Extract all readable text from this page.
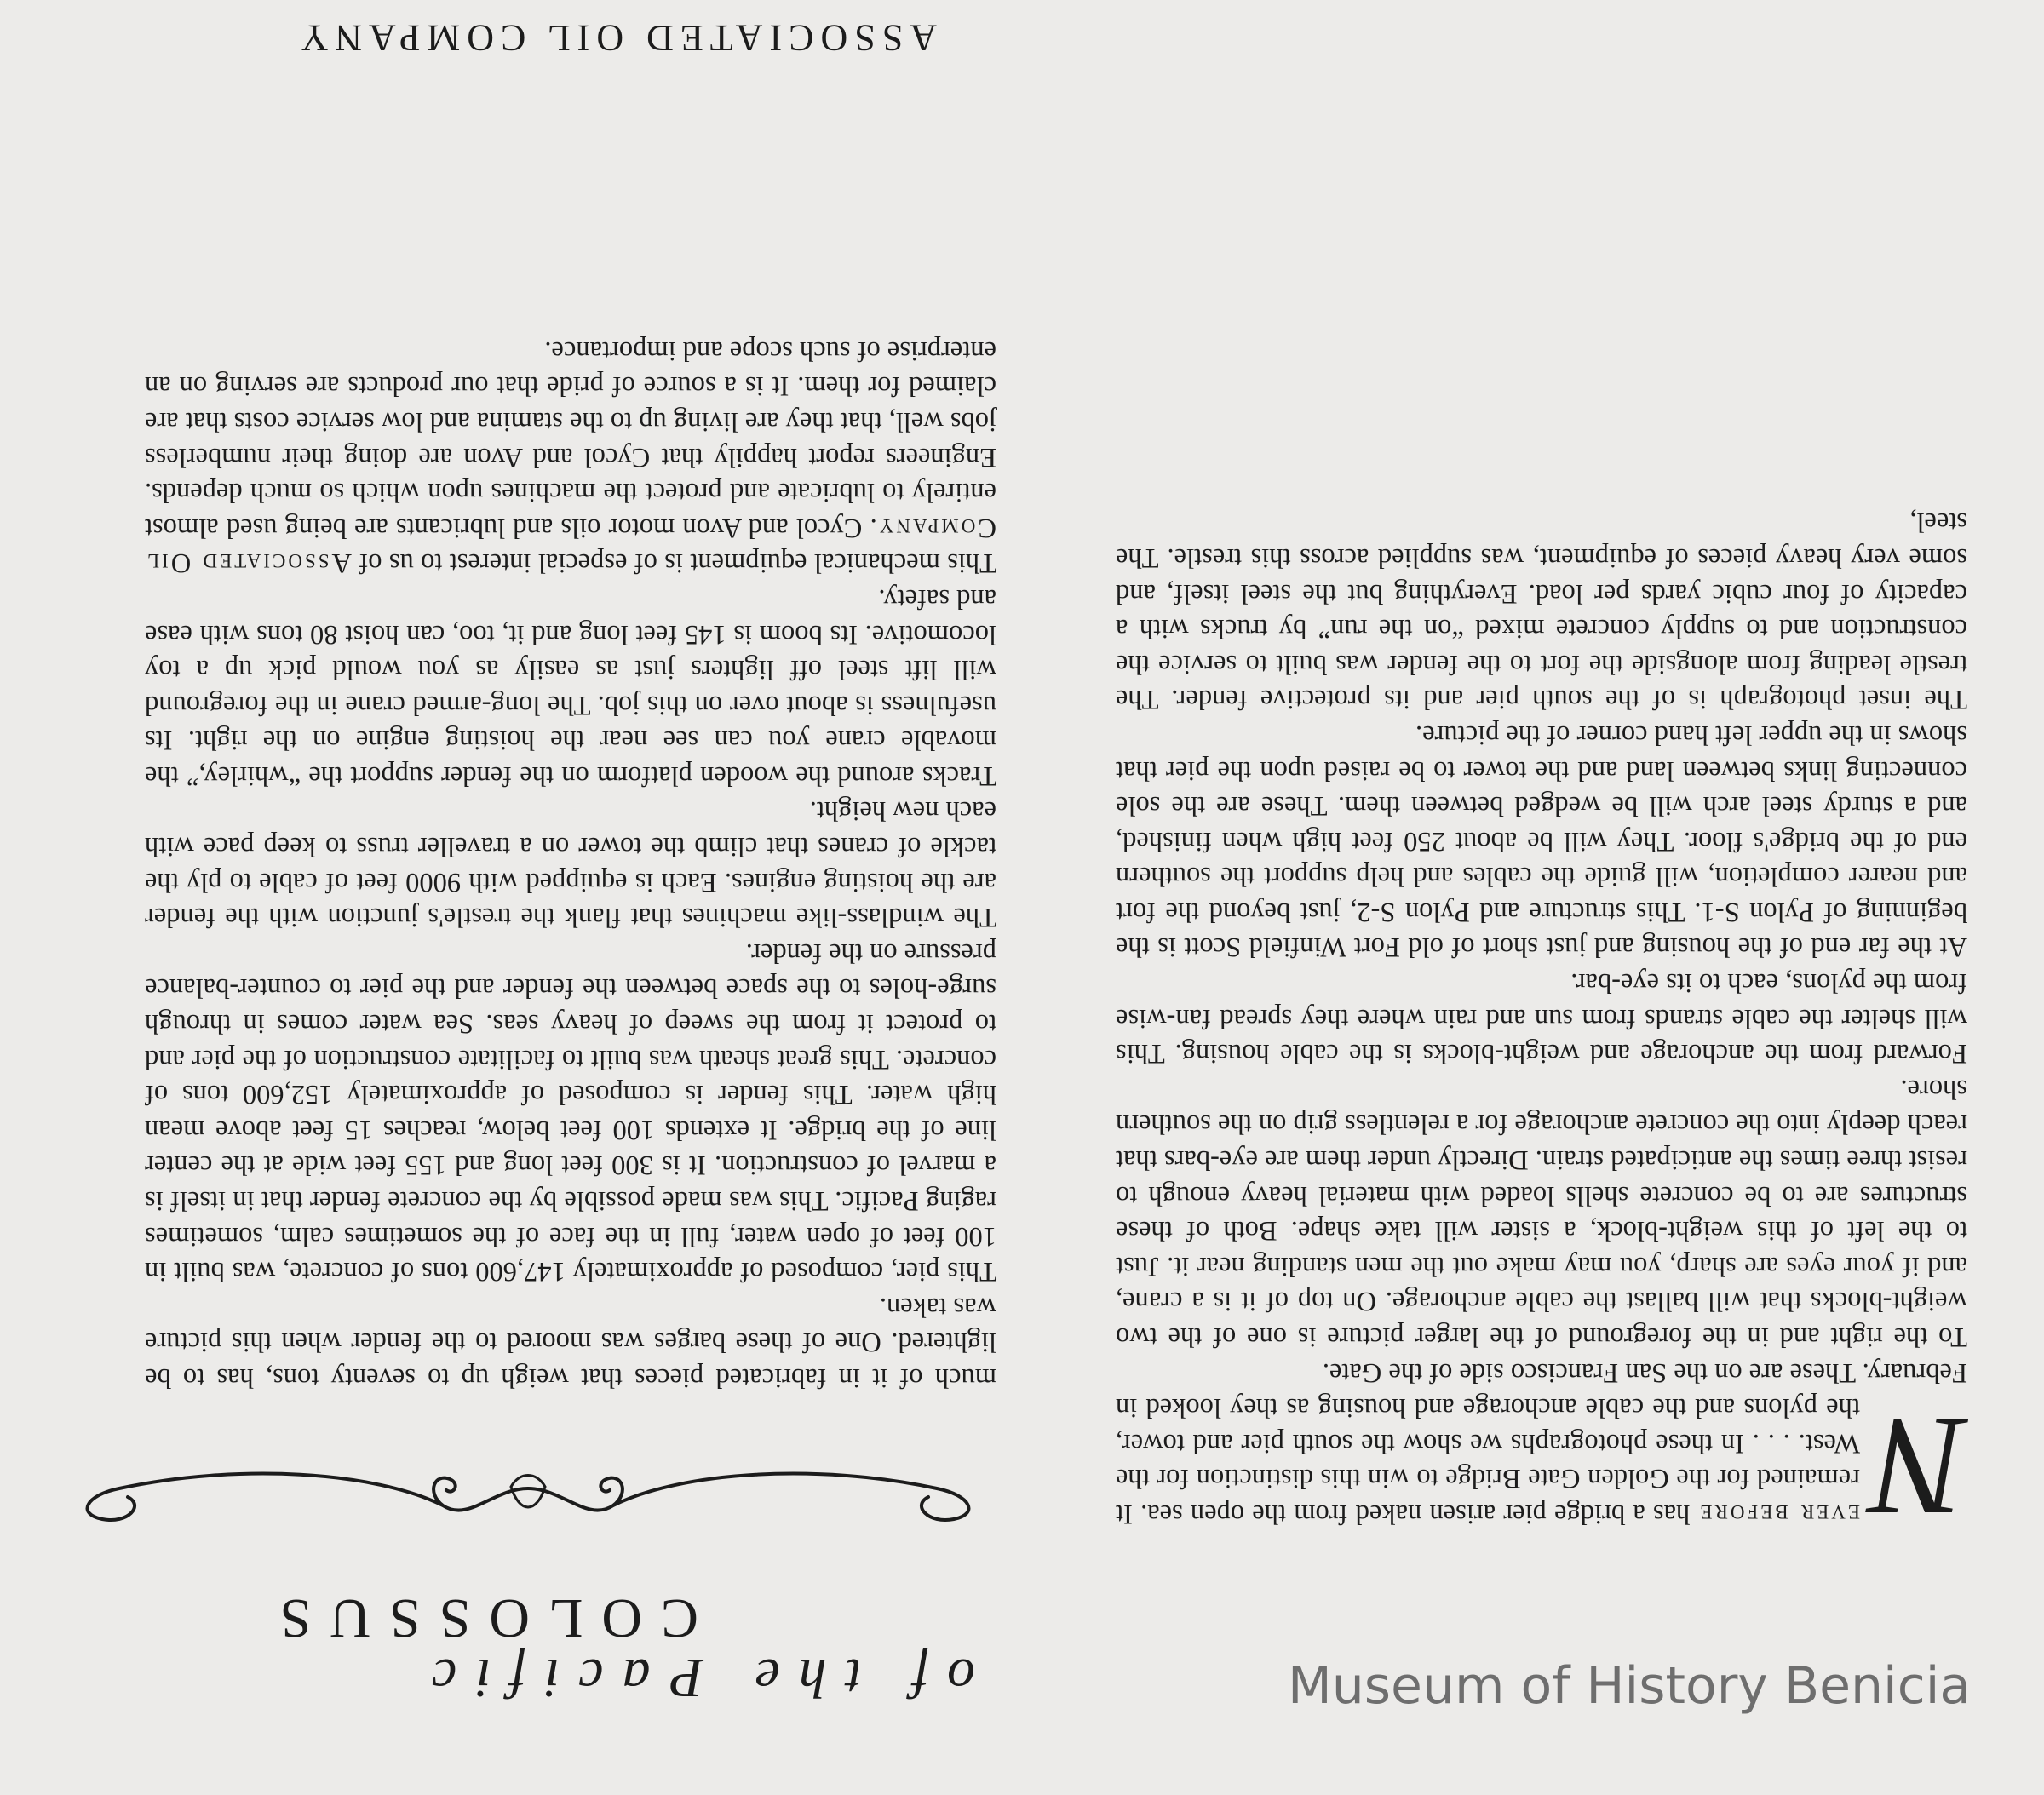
COLOSSUS
of the Pacific

N
ever before has a bridge pier arisen naked from the open sea. It remained for the Golden Gate Bridge to win this distinction for the West. . . . In these photographs we show the south pier and tower, the pylons and the cable anchorage and housing as they looked in February. These are on the San Francisco side of the Gate.

To the right and in the foreground of the larger picture is one of the two weight-blocks that will ballast the cable anchorage. On top of it is a crane, and if your eyes are sharp, you may make out the men standing near it. Just to the left of this weight-block, a sister will take shape. Both of these structures are to be concrete shells loaded with material heavy enough to resist three times the anticipated strain. Directly under them are eye-bars that reach deeply into the concrete anchorage for a relentless grip on the southern shore.

Forward from the anchorage and weight-blocks is the cable housing. This will shelter the cable strands from sun and rain where they spread fan-wise from the pylons, each to its eye-bar.

At the far end of the housing and just short of old Fort Winfield Scott is the beginning of Pylon S-1. This structure and Pylon S-2, just beyond the fort and nearer completion, will guide the cables and help support the southern end of the bridge's floor. They will be about 250 feet high when finished, and a sturdy steel arch will be wedged between them. These are the sole connecting links between land and the tower to be raised upon the pier that shows in the upper left hand corner of the picture.

The inset photograph is of the south pier and its protective fender. The trestle leading from alongside the fort to the fender was built to service the construction and to supply concrete mixed “on the run” by trucks with a capacity of four cubic yards per load. Everything but the steel itself, and some very heavy pieces of equipment, was supplied across this trestle. The steel,

much of it in fabricated pieces that weigh up to seventy tons, has to be lightered. One of these barges was moored to the fender when this picture was taken.

This pier, composed of approximately 147,600 tons of concrete, was built in 100 feet of open water, full in the face of the sometimes calm, sometimes raging Pacific. This was made possible by the concrete fender that in itself is a marvel of construction. It is 300 feet long and 155 feet wide at the center line of the bridge. It extends 100 feet below, reaches 15 feet above mean high water. This fender is composed of approximately 152,600 tons of concrete. This great sheath was built to facilitate construction of the pier and to protect it from the sweep of heavy seas. Sea water comes in through surge-holes to the space between the fender and the pier to counter-balance pressure on the fender.

The windlass-like machines that flank the trestle's junction with the fender are the hoisting engines. Each is equipped with 9000 feet of cable to ply the tackle of cranes that climb the tower on a traveller truss to keep pace with each new height.

Tracks around the wooden platform on the fender support the “whirley,” the movable crane you can see near the hoisting engine on the right. Its usefulness is about over on this job. The long-armed crane in the foreground will lift steel off lighters just as easily as you would pick up a toy locomotive. Its boom is 145 feet long and it, too, can hoist 80 tons with ease and safety.

This mechanical equipment is of especial interest to us of Associated Oil Company. Cycol and Avon motor oils and lubricants are being used almost entirely to lubricate and protect the machines upon which so much depends. Engineers report happily that Cycol and Avon are doing their numberless jobs well, that they are living up to the stamina and low service costs that are claimed for them. It is a source of pride that our products are serving on an enterprise of such scope and importance.

ASSOCIATED OIL COMPANY
Museum of History Benicia
